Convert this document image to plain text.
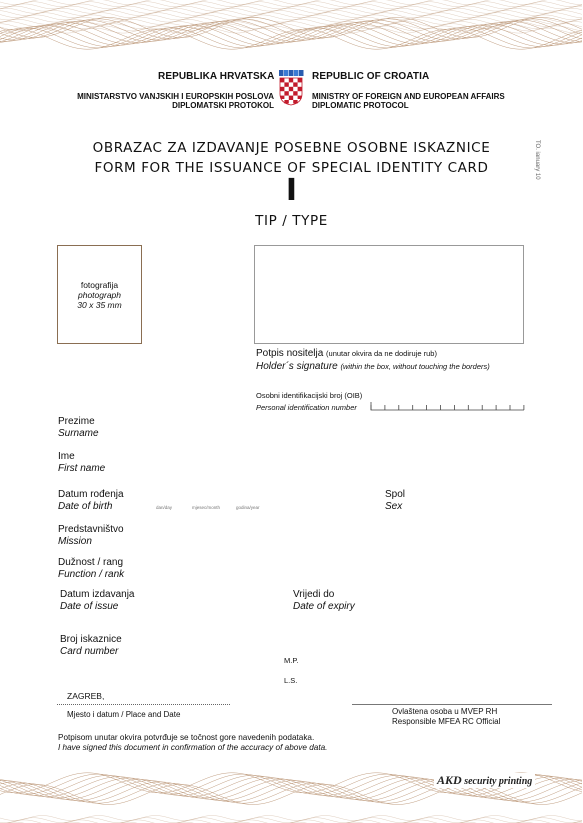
REPUBLIKA HRVATSKA	REPUBLIC OF CROATIA
MINISTARSTVO VANJSKIH I EUROPSKIH POSLOVA
DIPLOMATSKI PROTOKOL
MINISTRY OF FOREIGN AND EUROPEAN AFFAIRS
DIPLOMATIC PROTOCOL
OBRAZAC ZA IZDAVANJE POSEBNE OSOBNE ISKAZNICE
FORM FOR THE ISSUANCE OF SPECIAL IDENTITY CARD
I
TIP / TYPE
TO. ianuary 10
fotografija
photograph
30 x 35 mm
Potpis nositelja (unutar okvira da ne dodiruje rub)
Holder´s signature (within the box, without touching the borders)
Osobni identifikacijski broj (OIB)
Personal identification number
Prezime
Surname
Ime
First name
Datum rođenja
Date of birth	dan/day	mjesec/month	godina/year
Spol
Sex
Predstavništvo
Mission
Dužnost / rang
Function / rank
Datum izdavanja
Date of issue
Vrijedi do
Date of expiry
Broj iskaznice
Card number
M.P.
L.S.
ZAGREB,
Mjesto i datum / Place and Date	Ovlaštena osoba u MVEP RH
Responsible MFEA RC Official
Potpisom unutar okvira potvrđuje se točnost gore navedenih podataka.
I have signed this document in confirmation of the accuracy of above data.
AKD security printing
